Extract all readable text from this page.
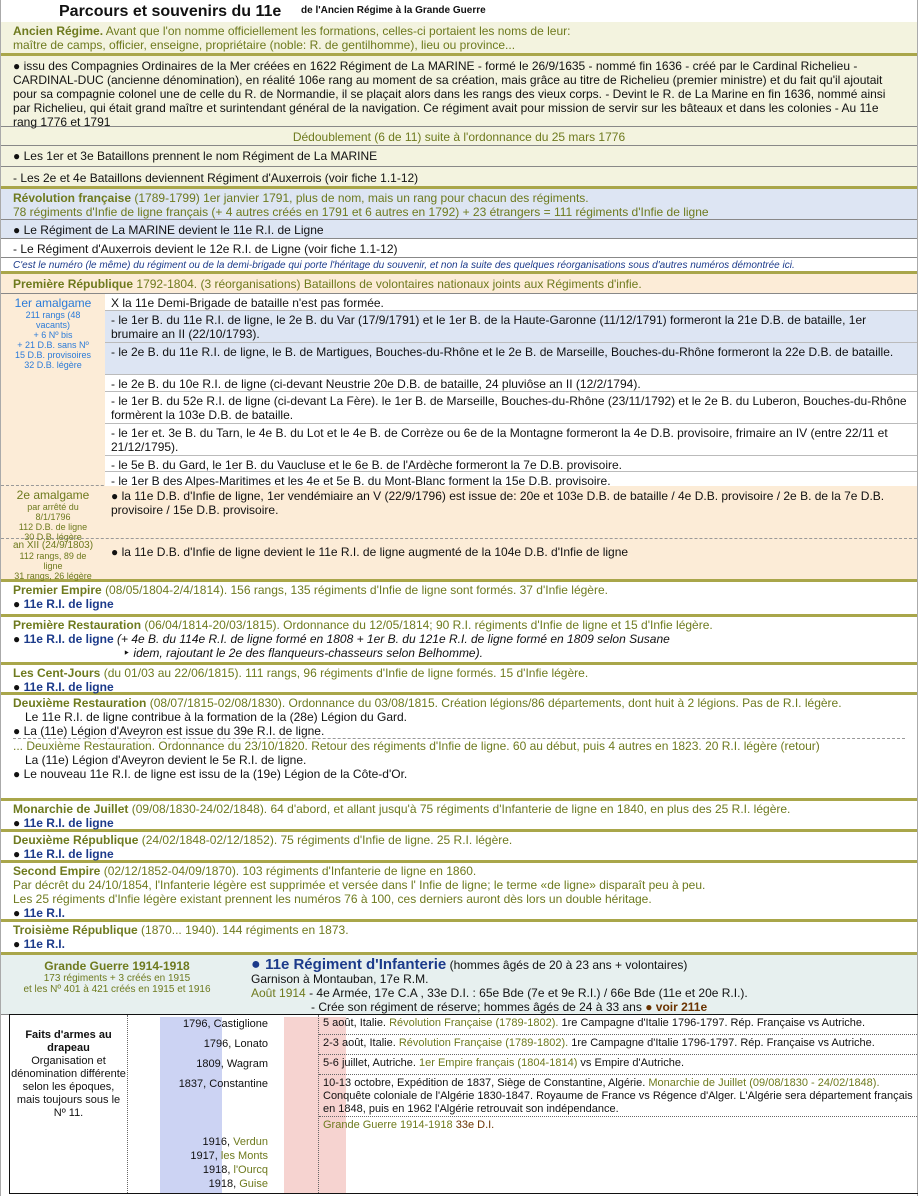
Parcours et souvenirs du 11e de l'Ancien Régime à la Grande Guerre
Ancien Régime. Avant que l'on nomme officiellement les formations, celles-ci portaient les noms de leur:
maître de camps, officier, enseigne, propriétaire (noble: R. de gentilhomme), lieu ou province...
● issu des Compagnies Ordinaires de la Mer créées en 1622 Régiment de La MARINE - formé le 26/9/1635 - nommé fin 1636 - créé par le Cardinal Richelieu - CARDINAL-DUC (ancienne dénomination), en réalité 106e rang au moment de sa création, mais grâce au titre de Richelieu (premier ministre) et du fait qu'il ajoutait pour sa compagnie colonel une de celle du R. de Normandie, il se plaçait alors dans les rangs des vieux corps. - Devint le R. de La Marine en fin 1636, nommé ainsi par Richelieu, qui était grand maître et surintendant général de la navigation. Ce régiment avait pour mission de servir sur les bâteaux et dans les colonies - Au 11e rang 1776 et 1791
Dédoublement (6 de 11) suite à l'ordonnance du 25 mars 1776
● Les 1er et 3e Bataillons prennent le nom Régiment de La MARINE
- Les 2e et 4e Bataillons deviennent Régiment d'Auxerrois (voir fiche 1.1-12)
Révolution française (1789-1799) 1er janvier 1791, plus de nom, mais un rang pour chacun des régiments.
78 régiments d'Infie de ligne français (+ 4 autres créés en 1791 et 6 autres en 1792) + 23 étrangers = 111 régiments d'Infie de ligne
● Le Régiment de La MARINE devient le 11e R.I. de Ligne
- Le Régiment d'Auxerrois devient le 12e R.I. de Ligne (voir fiche 1.1-12)
C'est le numéro (le même) du régiment ou de la demi-brigade qui porte l'héritage du souvenir, et non la suite des quelques réorganisations sous d'autres numéros démontrée ici.
Première République 1792-1804. (3 réorganisations) Bataillons de volontaires nationaux joints aux Régiments d'infie.
1er amalgame
211 rangs (48
vacants)
+ 6 Nº bis
+ 21 D.B. sans Nº
15 D.B. provisoires
32 D.B. légère
X la 11e Demi-Brigade de bataille n'est pas formée.
- le 1er B. du 11e R.I. de ligne, le 2e B. du Var (17/9/1791) et le 1er B. de la Haute-Garonne (11/12/1791) formeront la 21e D.B. de bataille, 1er brumaire an II (22/10/1793).
- le 2e B. du 11e R.I. de ligne, le B. de Martigues, Bouches-du-Rhône et le 2e B. de Marseille, Bouches-du-Rhône formeront la 22e D.B. de bataille.
- le 2e B. du 10e R.I. de ligne (ci-devant Neustrie 20e D.B. de bataille, 24 pluviôse an II (12/2/1794).
- le 1er B. du 52e R.I. de ligne (ci-devant La Fère). le 1er B. de Marseille, Bouches-du-Rhône (23/11/1792) et le 2e B. du Luberon, Bouches-du-Rhône formèrent la 103e D.B. de bataille.
- le 1er et. 3e B. du Tarn, le 4e B. du Lot et le 4e B. de Corrèze ou 6e de la Montagne formeront la 4e D.B. provisoire, frimaire an IV (entre 22/11 et 21/12/1795).
- le 5e B. du Gard, le 1er B. du Vaucluse et le 6e B. de l'Ardèche formeront la 7e D.B. provisoire.
- le 1er B des Alpes-Maritimes et les 4e et 5e B. du Mont-Blanc forment la 15e D.B. provisoire.
2e amalgame
par arrêté du
8/1/1796
112 D.B. de ligne
30 D.B. légère
● la 11e D.B. d'Infie de ligne, 1er vendémiaire an V (22/9/1796) est issue de: 20e et 103e D.B. de bataille / 4e D.B. provisoire / 2e B. de la 7e D.B. provisoire / 15e D.B. provisoire.
an XII (24/9/1803)
112 rangs, 89 de
ligne
31 rangs, 26 légère
● la 11e D.B. d'Infie de ligne devient le 11e R.I. de ligne augmenté de la 104e D.B. d'Infie de ligne
Premier Empire (08/05/1804-2/4/1814). 156 rangs, 135 régiments d'Infie de ligne sont formés. 37 d'Infie légère.
● 11e R.I. de ligne
Première Restauration (06/04/1814-20/03/1815). Ordonnance du 12/05/1814; 90 R.I. régiments d'Infie de ligne et 15 d'Infie légère.
● 11e R.I. de ligne (+ 4e B. du 114e R.I. de ligne formé en 1808 + 1er B. du 121e R.I. de ligne formé en 1809 selon Susane
‣ idem, rajoutant le 2e des flanqueurs-chasseurs selon Belhomme).
Les Cent-Jours (du 01/03 au 22/06/1815). 111 rangs, 96 régiments d'Infie de ligne formés. 15 d'Infie légère.
● 11e R.I. de ligne
Deuxième Restauration (08/07/1815-02/08/1830). Ordonnance du 03/08/1815. Création légions/86 départements, dont huit à 2 légions. Pas de R.I. légère.
Le 11e R.I. de ligne contribue à la formation de la (28e) Légion du Gard.
● La (11e) Légion d'Aveyron est issue du 39e R.I. de ligne.
... Deuxième Restauration. Ordonnance du 23/10/1820. Retour des régiments d'Infie de ligne. 60 au début, puis 4 autres en 1823. 20 R.I. légère (retour)
La (11e) Légion d'Aveyron devient le 5e R.I. de ligne.
● Le nouveau 11e R.I. de ligne est issu de la (19e) Légion de la Côte-d'Or.
Monarchie de Juillet (09/08/1830-24/02/1848). 64 d'abord, et allant jusqu'à 75 régiments d'Infanterie de ligne en 1840, en plus des 25 R.I. légère.
● 11e R.I. de ligne
Deuxième République (24/02/1848-02/12/1852). 75 régiments d'Infie de ligne. 25 R.I. légère.
● 11e R.I. de ligne
Second Empire (02/12/1852-04/09/1870). 103 régiments d'Infanterie de ligne en 1860.
Par décrêt du 24/10/1854, l'Infanterie légère est supprimée et versée dans l' Infie de ligne; le terme «de ligne» disparaît peu à peu.
Les 25 régiments d'Infie légère existant prennent les numéros 76 à 100, ces derniers auront dès lors un double héritage.
● 11e R.I.
Troisième République (1870... 1940). 144 régiments en 1873.
● 11e R.I.
Grande Guerre 1914-1918
173 régiments + 3 créés en 1915
et les Nº 401 à 421 créés en 1915 et 1916
● 11e Régiment d'Infanterie (hommes âgés de 20 à 23 ans + volontaires)
Garnison à Montauban, 17e R.M.
Août 1914 - 4e Armée, 17e C.A , 33e D.I. : 65e Bde (7e et 9e R.I.) / 66e Bde (11e et 20e R.I.).
- Crée son régiment de réserve; hommes âgés de 24 à 33 ans ● voir 211e
Faits d'armes au drapeau
Organisation et dénomination différente selon les époques, mais toujours sous le Nº 11.
1796, Castiglione
1796, Lonato
1809, Wagram
1837, Constantine
1916, Verdun
1917, les Monts
1918, l'Ourcq
1918, Guise
5 août, Italie. Révolution Française (1789-1802). 1re Campagne d'Italie 1796-1797. Rép. Française vs Autriche.
2-3 août, Italie. Révolution Française (1789-1802). 1re Campagne d'Italie 1796-1797. Rép. Française vs Autriche.
5-6 juillet, Autriche. 1er Empire français (1804-1814) vs Empire d'Autriche.
10-13 octobre, Expédition de 1837, Siège de Constantine, Algérie. Monarchie de Juillet (09/08/1830 - 24/02/1848). Conquête coloniale de l'Algérie 1830-1847. Royaume de France vs Régence d'Alger. L'Algérie sera département français en 1848, puis en 1962 l'Algérie retrouvait son indépendance.
Grande Guerre 1914-1918 33e D.I.
